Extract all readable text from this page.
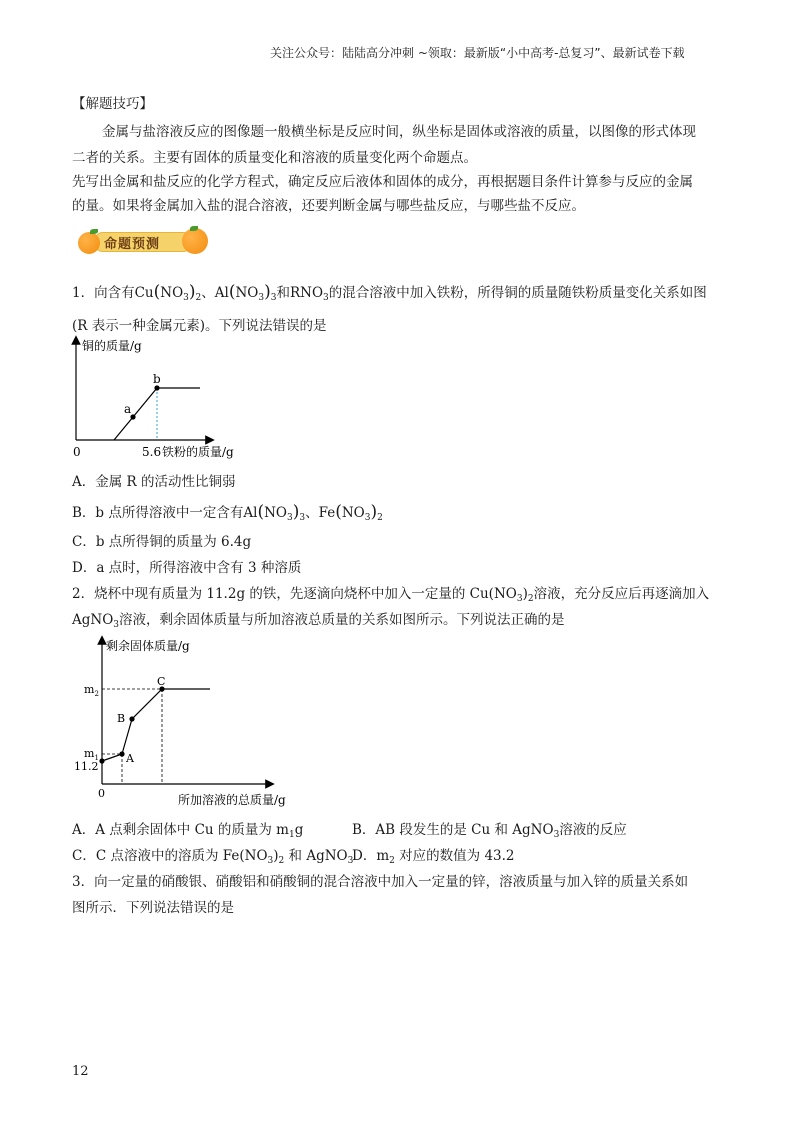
关注公众号：陆陆高分冲刺 ~领取：最新版“小中高考-总复习”、最新试卷下载
【解题技巧】
金属与盐溶液反应的图像题一般横坐标是反应时间，纵坐标是固体或溶液的质量，以图像的形式体现
二者的关系。主要有固体的质量变化和溶液的质量变化两个命题点。
先写出金属和盐反应的化学方程式，确定反应后液体和固体的成分，再根据题目条件计算参与反应的金属
的量。如果将金属加入盐的混合溶液，还要判断金属与哪些盐反应，与哪些盐不反应。
命题预测
1．向含有$Cu(NO_3)_2$、$Al(NO_3)_3$和$RNO_3$的混合溶液中加入铁粉，所得铜的质量随铁粉质量变化关系如图
(R 表示一种金属元素)。下列说法错误的是
铜的质量/g
a
b
0	5.6 铁粉的质量/g
A．金属 R 的活动性比铜弱
B．b 点所得溶液中一定含有$Al(NO_3)_3$、$Fe(NO_3)_2$
C．b 点所得铜的质量为 6.4g
D．a 点时，所得溶液中含有 3 种溶质
2．烧杯中现有质量为 11.2g 的铁，先逐滴向烧杯中加入一定量的 $Cu(NO_3)_2$溶液，充分反应后再逐滴加入
AgNO$_3$溶液，剩余固体质量与所加溶液总质量的关系如图所示。下列说法正确的是
剩余固体质量/g
A
B
C
$m_2$
$m_1$
11.2
0	所加溶液的总质量/g
A．A 点剩余固体中 Cu 的质量为 $m_1g$	B．AB 段发生的是 Cu 和 AgNO$_3$溶液的反应
C．C 点溶液中的溶质为 $Fe(NO_3)_2$ 和 AgNO$_3$
D．$m_2$ 对应的数值为 43.2
3．向一定量的硝酸银、硝酸铝和硝酸铜的混合溶液中加入一定量的锌，溶液质量与加入锌的质量关系如
图所示．下列说法错误的是
12
